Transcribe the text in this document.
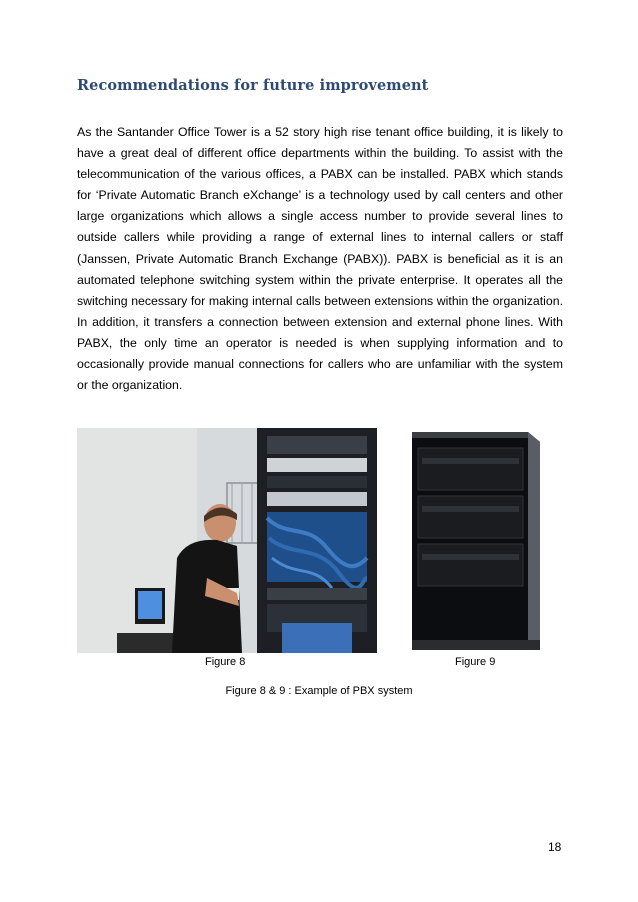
Recommendations for future improvement

As the Santander Office Tower is a 52 story high rise tenant office building, it is likely to have a great deal of different office departments within the building. To assist with the telecommunication of the various offices, a PABX can be installed. PABX which stands for ‘Private Automatic Branch eXchange’ is a technology used by call centers and other large organizations which allows a single access number to provide several lines to outside callers while providing a range of external lines to internal callers or staff (Janssen, Private Automatic Branch Exchange (PABX)). PABX is beneficial as it is an automated telephone switching system within the private enterprise. It operates all the switching necessary for making internal calls between extensions within the organization. In addition, it transfers a connection between extension and external phone lines. With PABX, the only time an operator is needed is when supplying information and to occasionally provide manual connections for callers who are unfamiliar with the system or the organization.

Figure 8	Figure 9
Figure 8 & 9 : Example of PBX system
18
